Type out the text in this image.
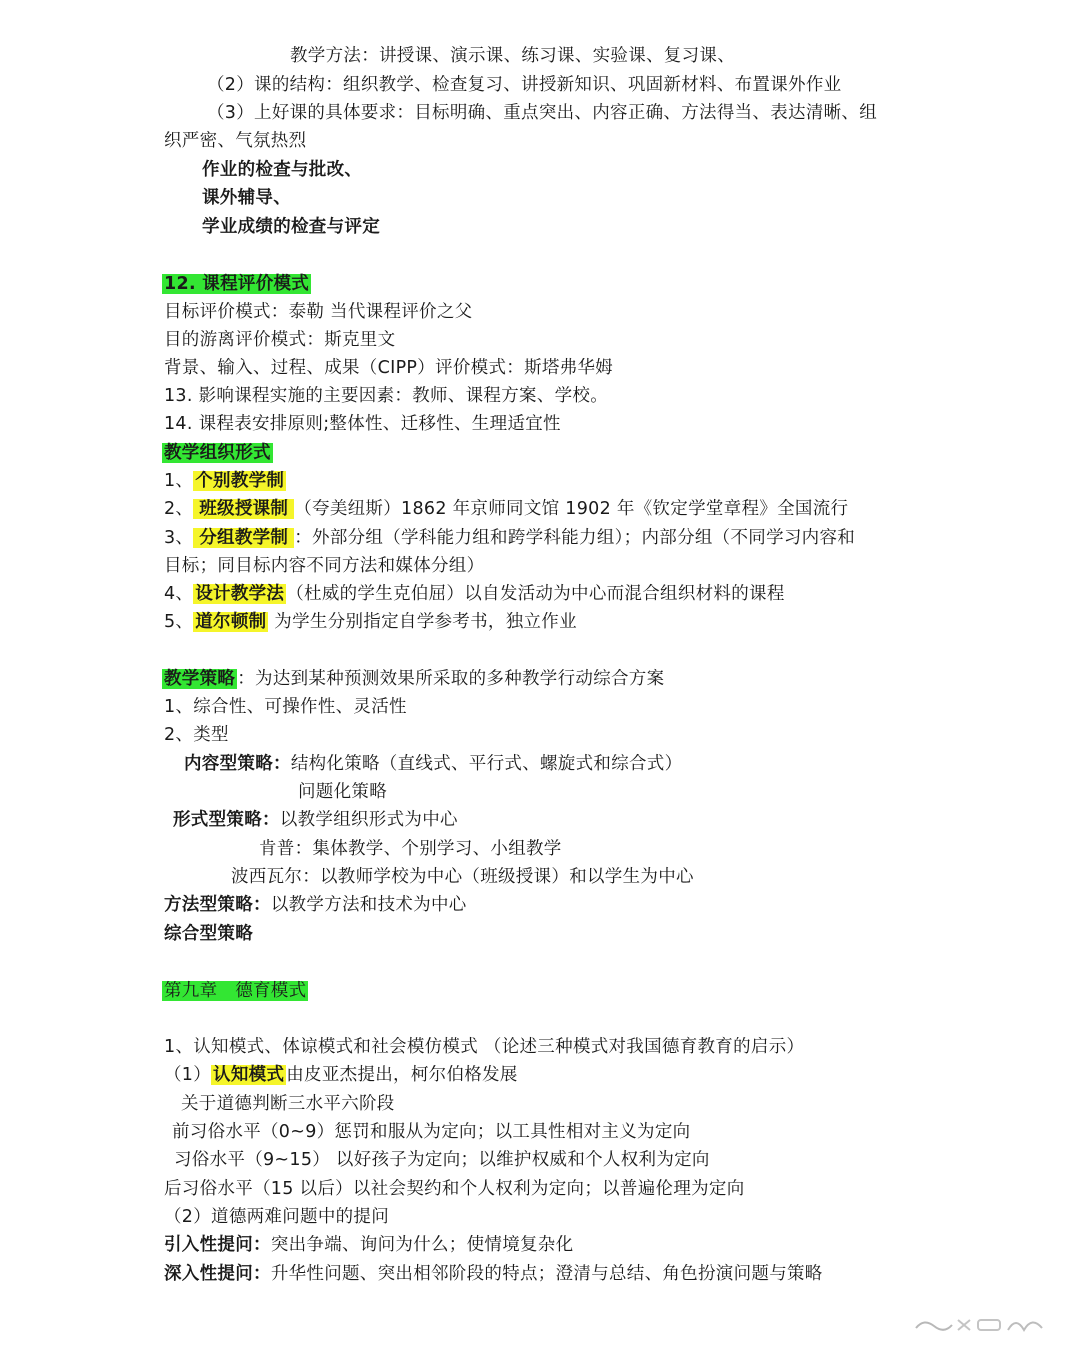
教学方法：讲授课、演示课、练习课、实验课、复习课、
（2）课的结构：组织教学、检查复习、讲授新知识、巩固新材料、布置课外作业
（3）上好课的具体要求：目标明确、重点突出、内容正确、方法得当、表达清晰、组
织严密、气氛热烈
作业的检查与批改、
课外辅导、
学业成绩的检查与评定
12. 课程评价模式
目标评价模式：泰勒 当代课程评价之父
目的游离评价模式：斯克里文
背景、输入、过程、成果（CIPP）评价模式：斯塔弗华姆
13. 影响课程实施的主要因素：教师、课程方案、学校。
14. 课程表安排原则;整体性、迁移性、生理适宜性
教学组织形式
1、 个别教学制
2、 班级授课制 （夸美纽斯）1862 年京师同文馆 1902 年《钦定学堂章程》全国流行
3、 分组教学制 ：外部分组（学科能力组和跨学科能力组）；内部分组（不同学习内容和
目标；同目标内容不同方法和媒体分组）
4、 设计教学法 （杜威的学生克伯屈）以自发活动为中心而混合组织材料的课程
5、 道尔顿制 为学生分别指定自学参考书，独立作业
教学策略 ：为达到某种预测效果所采取的多种教学行动综合方案
1、综合性、可操作性、灵活性
2、类型
内容型策略：结构化策略（直线式、平行式、螺旋式和综合式）
问题化策略
形式型策略：以教学组织形式为中心
肯普：集体教学、个别学习、小组教学
波西瓦尔：以教师学校为中心（班级授课）和以学生为中心
方法型策略：以教学方法和技术为中心
综合型策略
第九章　德育模式
1、认知模式、体谅模式和社会模仿模式 （论述三种模式对我国德育教育的启示）
（1） 认知模式 由皮亚杰提出，柯尔伯格发展
关于道德判断三水平六阶段
前习俗水平（0~9）惩罚和服从为定向；以工具性相对主义为定向
习俗水平（9~15） 以好孩子为定向；以维护权威和个人权利为定向
后习俗水平（15 以后）以社会契约和个人权利为定向；以普遍伦理为定向
（2）道德两难问题中的提问
引入性提问：突出争端、询问为什么；使情境复杂化
深入性提问：升华性问题、突出相邻阶段的特点；澄清与总结、角色扮演问题与策略
